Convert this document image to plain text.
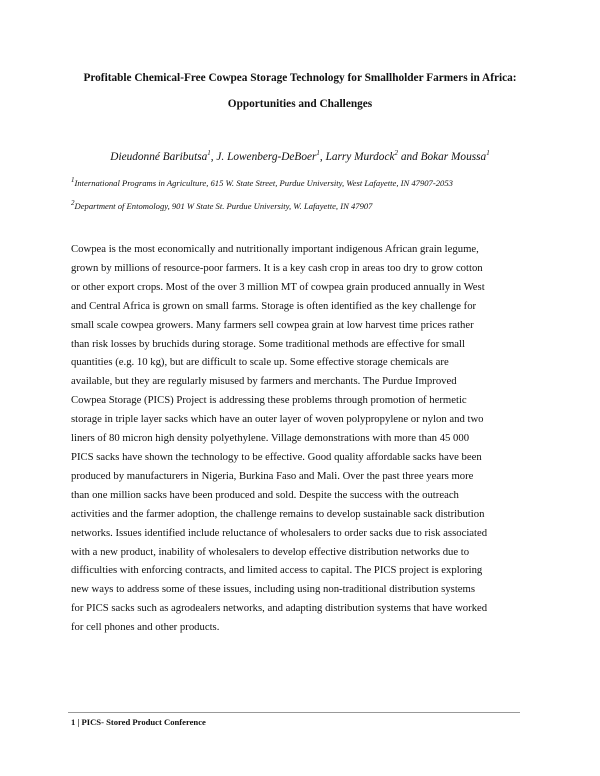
Profitable Chemical-Free Cowpea Storage Technology for Smallholder Farmers in Africa:
Opportunities and Challenges
Dieudonné Baributsa$^1$, J. Lowenberg-DeBoer$^1$, Larry Murdock$^2$ and Bokar Moussa$^1$
$^1$International Programs in Agriculture, 615 W. State Street, Purdue University, West Lafayette, IN 47907-2053
$^2$Department of Entomology, 901 W State St. Purdue University, W. Lafayette, IN 47907
Cowpea is the most economically and nutritionally important indigenous African grain legume,
grown by millions of resource-poor farmers. It is a key cash crop in areas too dry to grow cotton
or other export crops. Most of the over 3 million MT of cowpea grain produced annually in West
and Central Africa is grown on small farms. Storage is often identified as the key challenge for
small scale cowpea growers. Many farmers sell cowpea grain at low harvest time prices rather
than risk losses by bruchids during storage. Some traditional methods are effective for small
quantities (e.g. 10 kg), but are difficult to scale up. Some effective storage chemicals are
available, but they are regularly misused by farmers and merchants. The Purdue Improved
Cowpea Storage (PICS) Project is addressing these problems through promotion of hermetic
storage in triple layer sacks which have an outer layer of woven polypropylene or nylon and two
liners of 80 micron high density polyethylene. Village demonstrations with more than 45 000
PICS sacks have shown the technology to be effective. Good quality affordable sacks have been
produced by manufacturers in Nigeria, Burkina Faso and Mali. Over the past three years more
than one million sacks have been produced and sold. Despite the success with the outreach
activities and the farmer adoption, the challenge remains to develop sustainable sack distribution
networks. Issues identified include reluctance of wholesalers to order sacks due to risk associated
with a new product, inability of wholesalers to develop effective distribution networks due to
difficulties with enforcing contracts, and limited access to capital. The PICS project is exploring
new ways to address some of these issues, including using non-traditional distribution systems
for PICS sacks such as agrodealers networks, and adapting distribution systems that have worked
for cell phones and other products.
1 | PICS- Stored Product Conference
